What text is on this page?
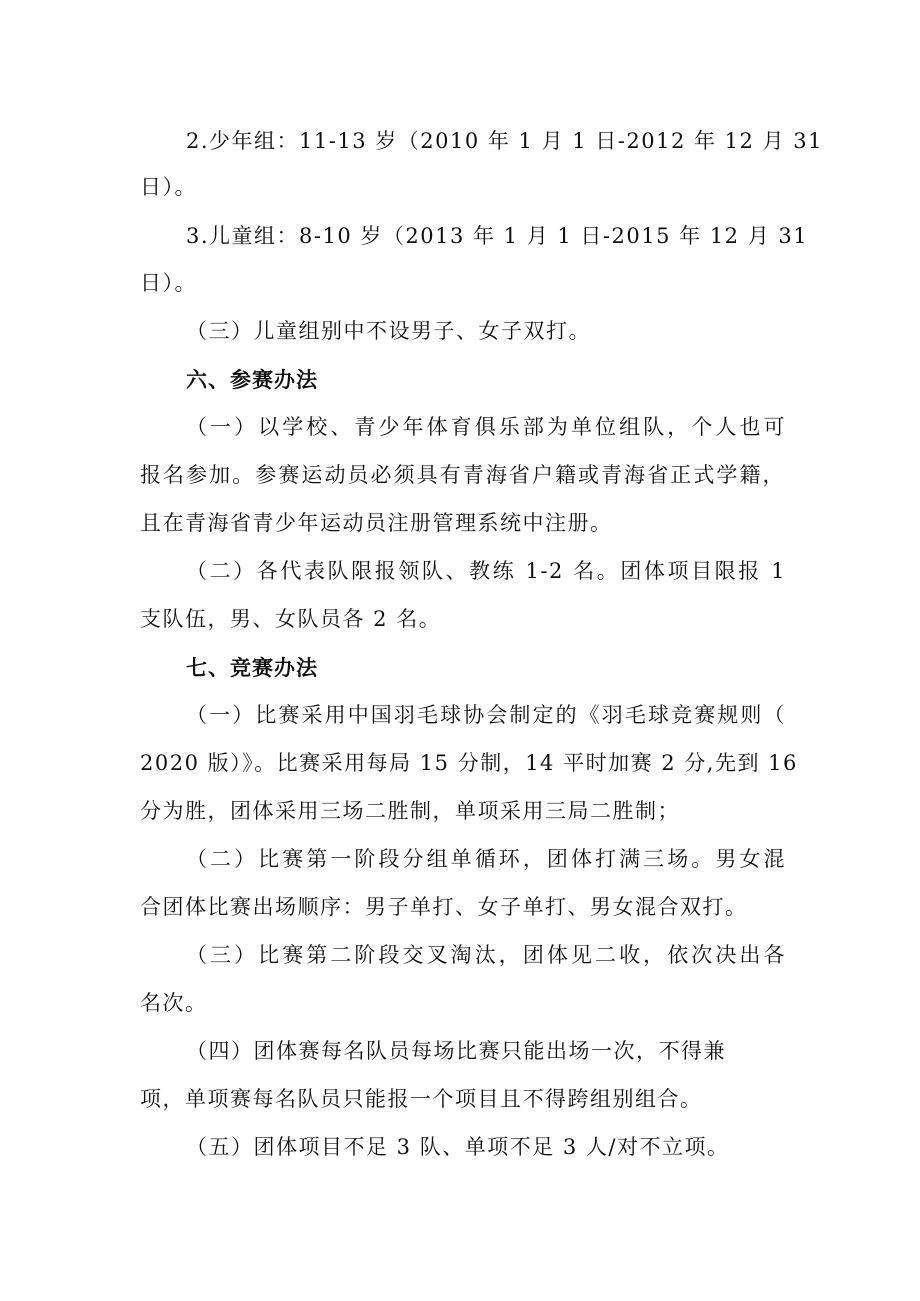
2.少年组：11-13 岁（2010 年 1 月 1 日-2012 年 12 月 31
日）。
3.儿童组：8-10 岁（2013 年 1 月 1 日-2015 年 12 月 31
日）。
（三）儿童组别中不设男子、女子双打。
六、参赛办法
（一）以学校、青少年体育俱乐部为单位组队，个人也可
报名参加。参赛运动员必须具有青海省户籍或青海省正式学籍，
且在青海省青少年运动员注册管理系统中注册。
（二）各代表队限报领队、教练 1-2 名。团体项目限报 1
支队伍，男、女队员各 2 名。
七、竞赛办法
（一）比赛采用中国羽毛球协会制定的《羽毛球竞赛规则（
2020 版）》。比赛采用每局 15 分制，14 平时加赛 2 分,先到 16
分为胜，团体采用三场二胜制，单项采用三局二胜制；
（二）比赛第一阶段分组单循环，团体打满三场。男女混
合团体比赛出场顺序：男子单打、女子单打、男女混合双打。
（三）比赛第二阶段交叉淘汰，团体见二收，依次决出各
名次。
（四）团体赛每名队员每场比赛只能出场一次，不得兼
项，单项赛每名队员只能报一个项目且不得跨组别组合。
（五）团体项目不足 3 队、单项不足 3 人/对不立项。
